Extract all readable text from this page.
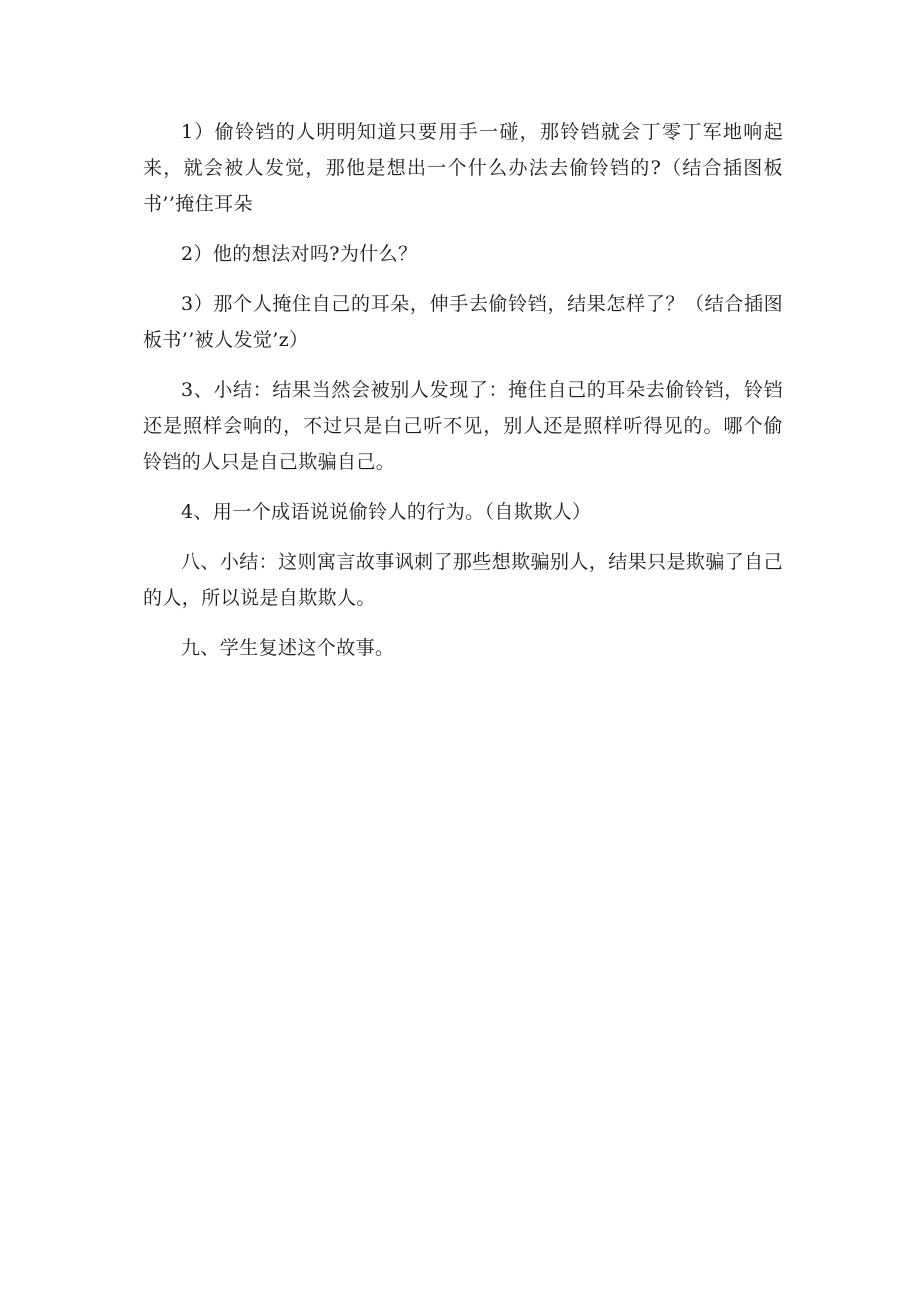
1）偷铃铛的人明明知道只要用手一碰，那铃铛就会丁零丁军地响起来，就会被人发觉，那他是想出一个什么办法去偷铃铛的?（结合插图板书’’掩住耳朵

2）他的想法对吗?为什么？

3）那个人掩住自己的耳朵，伸手去偷铃铛，结果怎样了？（结合插图板书’’被人发觉’z）

3、小结：结果当然会被别人发现了：掩住自己的耳朵去偷铃铛，铃铛还是照样会响的，不过只是白己听不见，别人还是照样听得见的。哪个偷铃铛的人只是自己欺骗自己。

4、用一个成语说说偷铃人的行为。（自欺欺人）

八、小结：这则寓言故事讽刺了那些想欺骗别人，结果只是欺骗了自己的人，所以说是自欺欺人。

九、学生复述这个故事。
